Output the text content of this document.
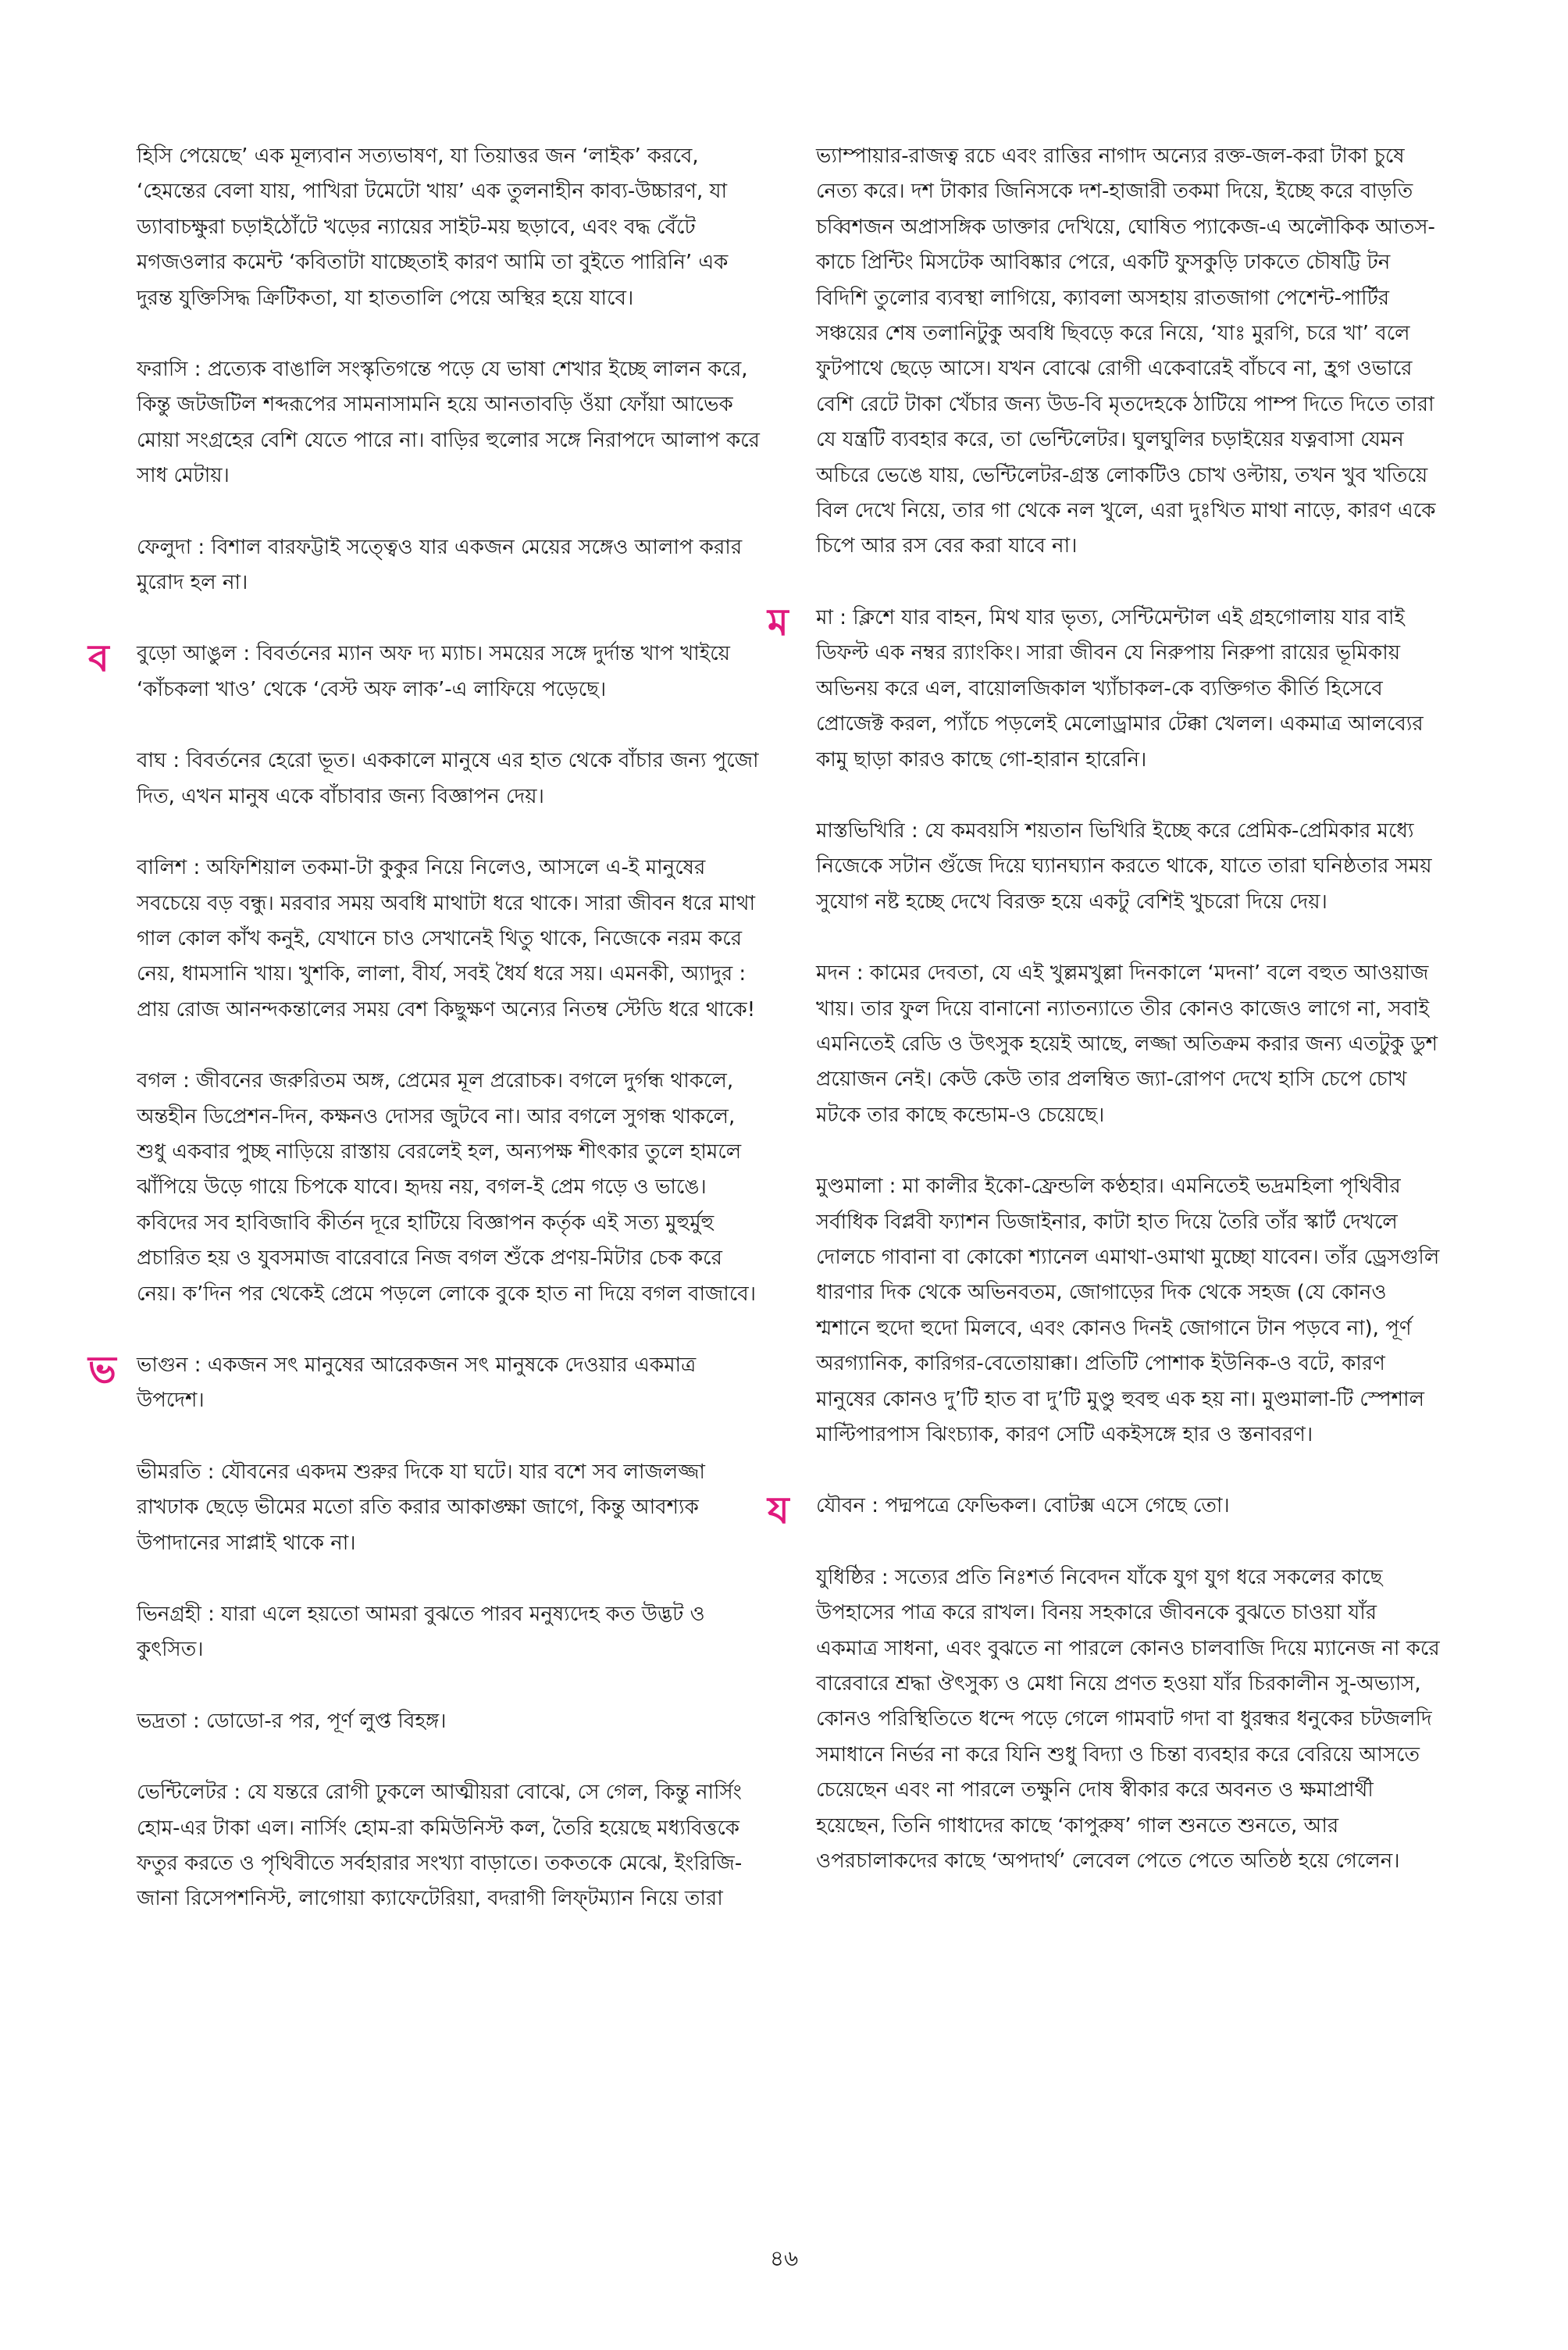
হিসি পেয়েছে’ এক মূল্যবান সত্যভাষণ, যা তিয়াত্তর জন ‘লাইক’ করবে, ‘হেমন্তের বেলা যায়, পাখিরা টমেটো খায়’ এক তুলনাহীন কাব্য-উচ্চারণ, যা ড্যাবাচক্ষুরা চড়াইঠোঁটে খড়ের ন্যায়ের সাইট-ময় ছড়াবে, এবং বদ্ধ বেঁটে মগজওলার কমেন্ট ‘কবিতাটা যাচ্ছেতাই কারণ আমি তা বুইতে পারিনি’ এক দুরন্ত যুক্তিসিদ্ধ ক্রিটিকতা, যা হাততালি পেয়ে অস্থির হয়ে যাবে।
ফরাসি : প্রত্যেক বাঙালি সংস্কৃতিগন্তে পড়ে যে ভাষা শেখার ইচ্ছে লালন করে, কিন্তু জটজটিল শব্দরূপের সামনাসামনি হয়ে আনতাবড়ি ওঁয়া ফোঁয়া আভেক মোয়া সংগ্রহের বেশি যেতে পারে না। বাড়ির হুলোর সঙ্গে নিরাপদে আলাপ করে সাধ মেটায়।
ফেলুদা : বিশাল বারফট্টাই সত্ত্বেও যার একজন মেয়ের সঙ্গেও আলাপ করার মুরোদ হল না।
ব বুড়ো আঙুল : বিবর্তনের ম্যান অফ দ্য ম্যাচ। সময়ের সঙ্গে দুর্দান্ত খাপ খাইয়ে ‘কাঁচকলা খাও’ থেকে ‘বেস্ট অফ লাক’-এ লাফিয়ে পড়েছে।
বাঘ : বিবর্তনের হেরো ভূত। এককালে মানুষে এর হাত থেকে বাঁচার জন্য পুজো দিত, এখন মানুষ একে বাঁচাবার জন্য বিজ্ঞাপন দেয়।
বালিশ : অফিশিয়াল তকমা-টা কুকুর নিয়ে নিলেও, আসলে এ-ই মানুষের সবচেয়ে বড় বন্ধু। মরবার সময় অবধি মাথাটা ধরে থাকে। সারা জীবন ধরে মাথা গাল কোল কাঁখ কনুই, যেখানে চাও সেখানেই থিতু থাকে, নিজেকে নরম করে নেয়, ধামসানি খায়। খুশকি, লালা, বীর্য, সবই ধৈর্য ধরে সয়। এমনকী, অ্যাদুর : প্রায় রোজ আনন্দকন্তালের সময় বেশ কিছুক্ষণ অন্যের নিতম্ব স্টেডি ধরে থাকে!
বগল : জীবনের জরুরিতম অঙ্গ, প্রেমের মূল প্ররোচক। বগলে দুর্গন্ধ থাকলে, অন্তহীন ডিপ্রেশন-দিন, কক্ষনও দোসর জুটবে না। আর বগলে সুগন্ধ থাকলে, শুধু একবার পুচ্ছ নাড়িয়ে রাস্তায় বেরলেই হল, অন্যপক্ষ শীৎকার তুলে হামলে ঝাঁপিয়ে উড়ে গায়ে চিপকে যাবে। হৃদয় নয়, বগল-ই প্রেম গড়ে ও ভাঙে। কবিদের সব হাবিজাবি কীর্তন দূরে হাটিয়ে বিজ্ঞাপন কর্তৃক এই সত্য মুহুর্মুহু প্রচারিত হয় ও যুবসমাজ বারেবারে নিজ বগল শুঁকে প্রণয়-মিটার চেক করে নেয়। ক’দিন পর থেকেই প্রেমে পড়লে লোকে বুকে হাত না দিয়ে বগল বাজাবে।
ভ ভাগুন : একজন সৎ মানুষের আরেকজন সৎ মানুষকে দেওয়ার একমাত্র উপদেশ।
ভীমরতি : যৌবনের একদম শুরুর দিকে যা ঘটে। যার বশে সব লাজলজ্জা রাখঢাক ছেড়ে ভীমের মতো রতি করার আকাঙ্ক্ষা জাগে, কিন্তু আবশ্যক উপাদানের সাপ্লাই থাকে না।
ভিনগ্রহী : যারা এলে হয়তো আমরা বুঝতে পারব মনুষ্যদেহ কত উদ্ভট ও কুৎসিত।
ভদ্রতা : ডোডো-র পর, পূর্ণ লুপ্ত বিহঙ্গ।
ভেন্টিলেটর : যে যন্তরে রোগী ঢুকলে আত্মীয়রা বোঝে, সে গেল, কিন্তু নার্সিং হোম-এর টাকা এল। নার্সিং হোম-রা কমিউনিস্ট কল, তৈরি হয়েছে মধ্যবিত্তকে ফতুর করতে ও পৃথিবীতে সর্বহারার সংখ্যা বাড়াতে। তকতকে মেঝে, ইংরিজি-জানা রিসেপশনিস্ট, লাগোয়া ক্যাফেটেরিয়া, বদরাগী লিফ্‌টম্যান নিয়ে তারা
ভ্যাম্পায়ার-রাজত্ব রচে এবং রাত্তির নাগাদ অন্যের রক্ত-জল-করা টাকা চুষে নেত্য করে। দশ টাকার জিনিসকে দশ-হাজারী তকমা দিয়ে, ইচ্ছে করে বাড়তি চব্বিশজন অপ্রাসঙ্গিক ডাক্তার দেখিয়ে, ঘোষিত প্যাকেজ-এ অলৌকিক আতস-কাচে প্রিন্টিং মিসটেক আবিষ্কার পেরে, একটি ফুসকুড়ি ঢাকতে চৌষট্টি টন বিদিশি তুলোর ব্যবস্থা লাগিয়ে, ক্যাবলা অসহায় রাতজাগা পেশেন্ট-পার্টির সঞ্চয়ের শেষ তলানিটুকু অবধি ছিবড়ে করে নিয়ে, ‘যাঃ মুরগি, চরে খা’ বলে ফুটপাথে ছেড়ে আসে। যখন বোঝে রোগী একেবারেই বাঁচবে না, হ্রগ ওভারে বেশি রেটে টাকা খেঁচার জন্য উড-বি মৃতদেহকে ঠাটিয়ে পাম্প দিতে দিতে তারা যে যন্ত্রটি ব্যবহার করে, তা ভেন্টিলেটর। ঘুলঘুলির চড়াইয়ের যত্নবাসা যেমন অচিরে ভেঙে যায়, ভেন্টিলেটর-গ্রস্ত লোকটিও চোখ ওল্টায়, তখন খুব খতিয়ে বিল দেখে নিয়ে, তার গা থেকে নল খুলে, এরা দুঃখিত মাথা নাড়ে, কারণ একে চিপে আর রস বের করা যাবে না।
ম মা : ক্লিশে যার বাহন, মিথ যার ভৃত্য, সেন্টিমেন্টাল এই গ্রহগোলায় যার বাই ডিফল্ট এক নম্বর র‍্যাংকিং। সারা জীবন যে নিরুপায় নিরুপা রায়ের ভূমিকায় অভিনয় করে এল, বায়োলজিকাল খ্যাঁচাকল-কে ব্যক্তিগত কীর্তি হিসেবে প্রোজেক্ট করল, প্যাঁচে পড়লেই মেলোড্রামার টেক্কা খেলল। একমাত্র আলব্যের কামু ছাড়া কারও কাছে গো-হারান হারেনি।
মাস্তভিখিরি : যে কমবয়সি শয়তান ভিখিরি ইচ্ছে করে প্রেমিক-প্রেমিকার মধ্যে নিজেকে সটান গুঁজে দিয়ে ঘ্যানঘ্যান করতে থাকে, যাতে তারা ঘনিষ্ঠতার সময় সুযোগ নষ্ট হচ্ছে দেখে বিরক্ত হয়ে একটু বেশিই খুচরো দিয়ে দেয়।
মদন : কামের দেবতা, যে এই খুল্লমখুল্লা দিনকালে ‘মদনা’ বলে বহুত আওয়াজ খায়। তার ফুল দিয়ে বানানো ন্যাতন্যাতে তীর কোনও কাজেও লাগে না, সবাই এমনিতেই রেডি ও উৎসুক হয়েই আছে, লজ্জা অতিক্রম করার জন্য এতটুকু ডুশ প্রয়োজন নেই। কেউ কেউ তার প্রলম্বিত জ্যা-রোপণ দেখে হাসি চেপে চোখ মটকে তার কাছে কন্ডোম-ও চেয়েছে।
মুণ্ডমালা : মা কালীর ইকো-ফ্রেন্ডলি কণ্ঠহার। এমনিতেই ভদ্রমহিলা পৃথিবীর সর্বাধিক বিপ্লবী ফ্যাশন ডিজাইনার, কাটা হাত দিয়ে তৈরি তাঁর স্কার্ট দেখলে দোলচে গাবানা বা কোকো শ্যানেল এমাথা-ওমাথা মুচ্ছো যাবেন। তাঁর ড্রেসগুলি ধারণার দিক থেকে অভিনবতম, জোগাড়ের দিক থেকে সহজ (যে কোনও শ্মশানে হুদো হুদো মিলবে, এবং কোনও দিনই জোগানে টান পড়বে না), পূর্ণ অরগ্যানিক, কারিগর-বেতোয়াক্কা। প্রতিটি পোশাক ইউনিক-ও বটে, কারণ মানুষের কোনও দু’টি হাত বা দু’টি মুণ্ডু হুবহু এক হয় না। মুণ্ডমালা-টি স্পেশাল মাল্টিপারপাস ঝিংচ্যাক, কারণ সেটি একইসঙ্গে হার ও স্তনাবরণ।
য যৌবন : পদ্মপত্রে ফেভিকল। বোটক্স এসে গেছে তো।
যুধিষ্ঠির : সত্যের প্রতি নিঃশর্ত নিবেদন যাঁকে যুগ যুগ ধরে সকলের কাছে উপহাসের পাত্র করে রাখল। বিনয় সহকারে জীবনকে বুঝতে চাওয়া যাঁর একমাত্র সাধনা, এবং বুঝতে না পারলে কোনও চালবাজি দিয়ে ম্যানেজ না করে বারেবারে শ্রদ্ধা ঔৎসুক্য ও মেধা নিয়ে প্রণত হওয়া যাঁর চিরকালীন সু-অভ্যাস, কোনও পরিস্থিতিতে ধন্দে পড়ে গেলে গামবাট গদা বা ধুরন্ধর ধনুকের চটজলদি সমাধানে নির্ভর না করে যিনি শুধু বিদ্যা ও চিন্তা ব্যবহার করে বেরিয়ে আসতে চেয়েছেন এবং না পারলে তক্ষুনি দোষ স্বীকার করে অবনত ও ক্ষমাপ্রার্থী হয়েছেন, তিনি গাধাদের কাছে ‘কাপুরুষ’ গাল শুনতে শুনতে, আর ওপরচালাকদের কাছে ‘অপদার্থ’ লেবেল পেতে পেতে অতিষ্ঠ হয়ে গেলেন।
৪৬
